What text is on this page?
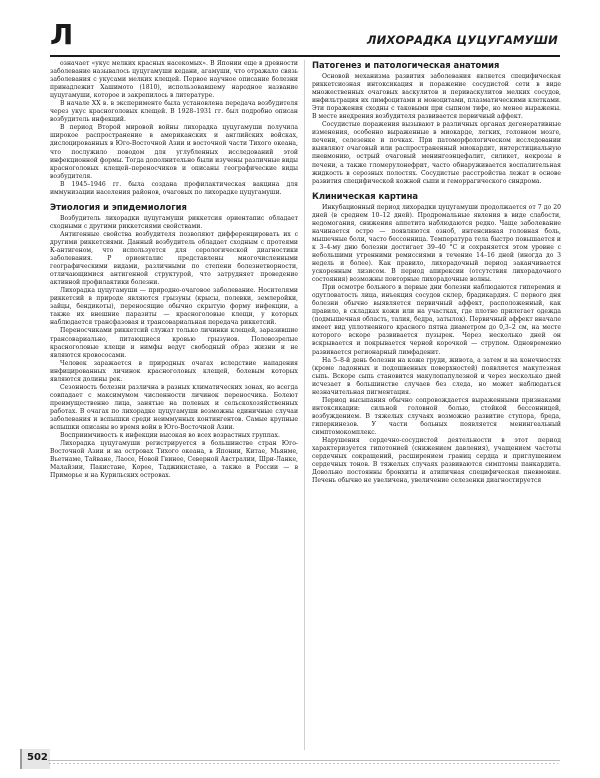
Л	ЛИХОРАДКА ЦУЦУГАМУШИ

означает «укус мелких красных насекомых». В Японии еще в древности заболевание называлось цуцугамуши кедани, агамуши, что отражало связь заболевания с укусами мелких клещей. Первое научное описание болезни принадлежит Хашимото (1810), использовавшему народное название цуцугамуши, которое и закрепилось в литературе.

В начале XX в. в эксперименте была установлена передача возбудителя через укус красноголовых клещей. В 1928–1931 гг. был подробно описан возбудитель инфекций.

В период Второй мировой войны лихорадка цуцугамуши получила широкое распространение в американских и английских войсках, дислоцированных в Юго-Восточной Азии и восточной части Тихого океана, что послужило поводом для углубленных исследований этой инфекционной формы. Тогда дополнительно были изучены различные виды красноголовых клещей–переносчиков и описаны географические виды возбудителя.

В 1945–1946 гг. была создана профилактическая вакцина для иммунизации населения районов, очаговых по лихорадке цуцугамуши.

Этиология и эпидемиология

Возбудитель лихорадки цуцугамуши риккетсия ориентапис обладает сходными с другими риккетсиями свойствами.

Антигенные свойства возбудителя позволяют дифференцировать их с другими риккетсиями. Данный возбудитель обладает сходным с протеями К-антигеном, что используется для серологической диагностики заболевания. Р ориенталис представлены многочисленными географическими видами, различными по степени болезнетворности, отличающимися антигенной структурой, что затрудняет проведение активной профилактики болезни.

Лихорадка цуцугамуши — природно-очаговое заболевание. Носителями риккетсий в природе являются грызуны (крысы, полевки, землеройки, зайцы, бендикоты), переносящие обычно скрытую форму инфекции, а также их внешние паразиты — красноголовые клещи, у которых наблюдается трансфазовая и трансовариальная передача риккетсий.

Переносчиками риккетсий служат только личинки клещей, заразившие трансовариально, питающиеся кровью грызунов. Половозрелые красноголовые клещи и нимфы ведут свободный образ жизни и не являются кровососами.

Человек заражается в природных очагах вследствие нападения инфицированных личинок красноголовых клещей, болевым которых являются долины рек.

Сезонность болезни различна в разных климатических зонах, но всегда совпадает с максимумом численности личинок переносчика. Болеют преимущественно лица, занятые на полевых и сельскохозяйственных работах. В очагах по лихорадке цуцугамуши возможны единичные случаи заболевания и вспышки среди неиммунных контингентов. Самые крупные вспышки описаны во время войн в Юго-Восточной Азии.

Восприимчивость к инфекции высокая во всех возрастных группах.

Лихорадка цуцугамуши регистрируется в большинстве стран Юго-Восточной Азии и на островах Тихого океана, в Японии, Китае, Мьянме, Вьетнаме, Тайване, Лаосе, Новой Гвинее, Северной Австралии, Шри-Ланке, Малайзии, Пакистане, Корее, Таджикистане, а также в России — в Приморье и на Курильских островах.

Патогенез и патологическая анатомия

Основой механизма развития заболевания является специфическая риккетсиозная интоксикация и поражение сосудистой сети в виде множественных очаговых васкулитов и периваскулитов мелких сосудов, инфильтрация их лимфоцитами и моноцитами, плазматическими клетками. Эти поражения сходны с таковыми при сыпном тифе, но менее выражены. В месте внедрения возбудителя развивается первичный аффект.

Сосудистые поражения вызывают в различных органах дегенеративные изменения, особенно выраженные в миокарде, легких, головном мозге, печени, селезенке и почках. При патоморфологическом исследовании выявляют очаговый или распространенный миокардит, интерстициальную пневмонию, острый очаговый менингоэнцефалит, силикет, некрозы в печени, а также гломерулонефрит, часто обнаруживается воспалительная жидкость в серозных полостях. Сосудистые расстройства лежат в основе развития специфической кожной сыпи и геморрагического синдрома.

Клиническая картина

Инкубационный период лихорадки цуцугамуши продолжается от 7 до 20 дней (в среднем 10–12 дней). Продромальные явления в виде слабости, недомогания, снижения аппетита наблюдаются редко. Чаще заболевание начинается остро — появляются озноб, интенсивная головная боль, мышечные боли, часто бессонница. Температура тела быстро повышается и к 3–4-му дню болезни достигает 39–40 °С и сохраняется этом уровне с небольшими утренними ремиссиями в течение 14–16 дней (иногда до 3 недель и более). Как правило, лихорадочный период заканчивается ускоренным лизисом. В период апирексии (отсутствия лихорадочного состояния) возможны повторные лихорадочные волны.

При осмотре больного в первые дни болезни наблюдаются гиперемия и одутловатость лица, инъекция сосудов склер, брадикардия. С первого дня болезни обычно выявляется первичный аффект, расположенный, как правило, в складках кожи или на участках, где плотно прилегает одежда (подмышечная область, талия, бедра, затылок). Первичный аффект вначале имеет вид уплотненного красного пятна диаметром до 0,3–2 см, на месте которого вскоре развивается пузырек. Через несколько дней он вскрывается и покрывается черной корочкой — струпом. Одновременно развивается регионарный лимфаденит.

На 5–8-й день болезни на коже груди, живота, а затем и на конечностях (кроме ладонных и подошвенных поверхностей) появляется макулезная сыпь. Вскоре сыпь становится макулопапулезной и через несколько дней исчезает в большинстве случаев без следа, но может наблюдаться незначительная пигментация.

Период высыпания обычно сопровождается выраженными признаками интоксикации: сильной головной болью, стойкой бессонницей, возбуждением. В тяжелых случаях возможно развитие ступора, бреда, гиперкинезов. У части больных появляется менингеальный симптомокомплекс.

Нарушения сердечно-сосудистой деятельности в этот период характеризуется гипотонией (снижением давления), учащением частоты сердечных сокращений, расширением границ сердца и приглушением сердечных тонов. В тяжелых случаях развиваются симптомы панкардита. Довольно постоянны бронхиты и атипичная специфическая пневмония. Печень обычно не увеличена, увеличение селезенки диагностируется

502
